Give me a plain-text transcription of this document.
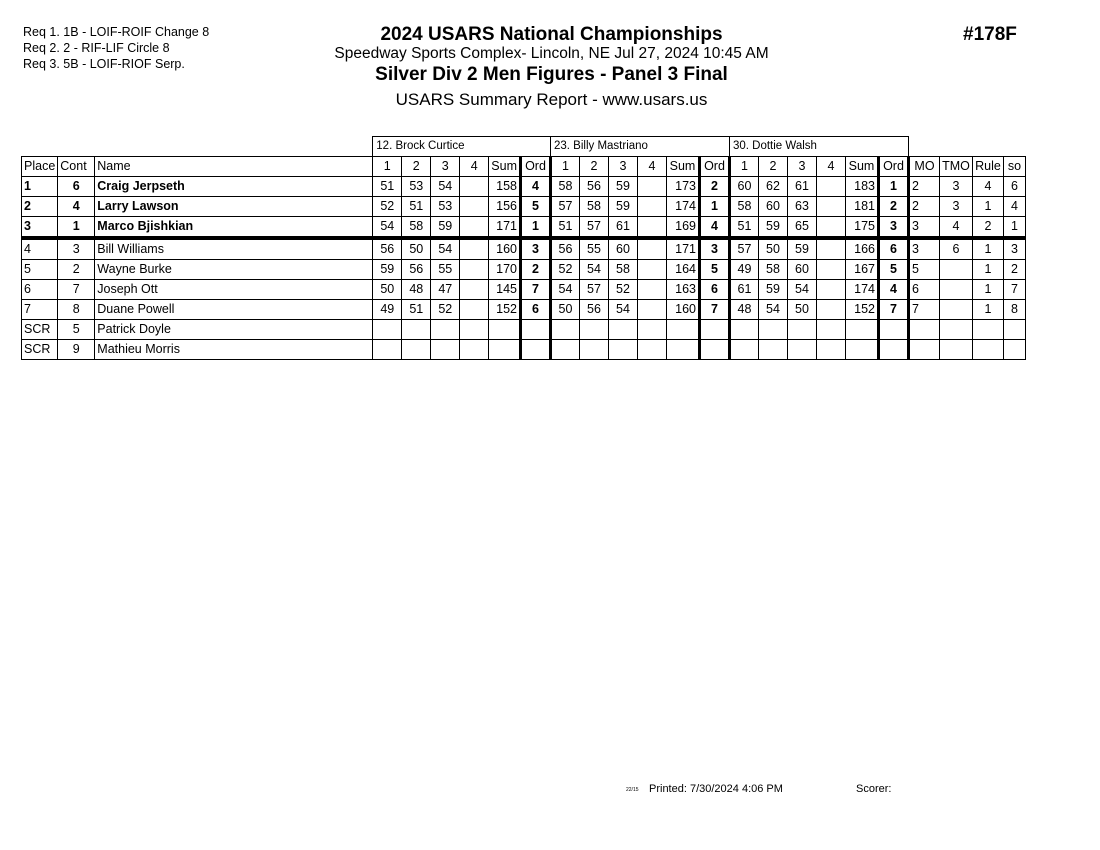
Req 1. 1B - LOIF-ROIF Change 8
Req 2. 2 - RIF-LIF Circle 8
Req 3. 5B - LOIF-RIOF Serp.
2024 USARS National Championships
Speedway Sports Complex- Lincoln, NE Jul 27, 2024 10:45 AM
Silver Div 2 Men Figures - Panel 3 Final
USARS Summary Report - www.usars.us
#178F
			12. Brock Curtice						23. Billy Mastriano						30. Dottie Walsh									
Place	Cont	Name	1	2	3	4	Sum	Ord	1	2	3	4	Sum	Ord	1	2	3	4	Sum	Ord	MO	TMO	Rule	so
1	6	Craig Jerpseth	51	53	54		158	4	58	56	59		173	2	60	62	61		183	1	2	3	4	6
2	4	Larry Lawson	52	51	53		156	5	57	58	59		174	1	58	60	63		181	2	2	3	1	4
3	1	Marco Bjishkian	54	58	59		171	1	51	57	61		169	4	51	59	65		175	3	3	4	2	1
4	3	Bill Williams	56	50	54		160	3	56	55	60		171	3	57	50	59		166	6	3	6	1	3
5	2	Wayne Burke	59	56	55		170	2	52	54	58		164	5	49	58	60		167	5	5		1	2
6	7	Joseph Ott	50	48	47		145	7	54	57	52		163	6	61	59	54		174	4	6		1	7
7	8	Duane Powell	49	51	52		152	6	50	56	54		160	7	48	54	50		152	7	7		1	8
SCR	5	Patrick Doyle																						
SCR	9	Mathieu Morris																						
22/15 Printed: 7/30/2024 4:06 PM	Scorer:
